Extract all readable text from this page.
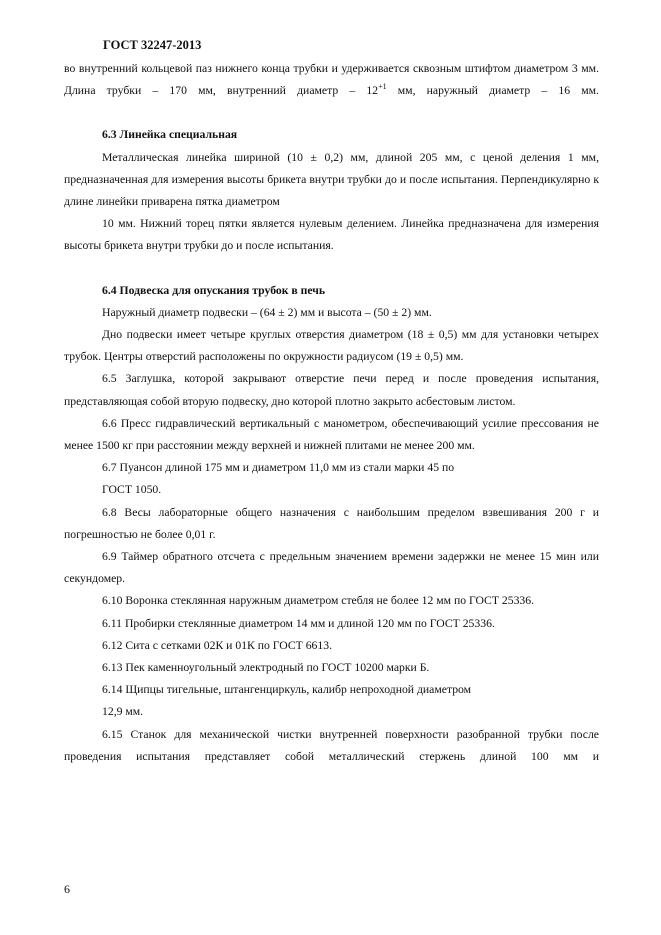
ГОСТ 32247-2013

во внутренний кольцевой паз нижнего конца трубки и удерживается сквозным штифтом диаметром 3 мм. Длина трубки – 170 мм, внутренний диаметр – $12^{+1}$ мм, наружный диаметр – 16 мм.

6.3 Линейка специальная

Металлическая линейка шириной (10 ± 0,2) мм, длиной 205 мм, с ценой деления 1 мм, предназначенная для измерения высоты брикета внутри трубки до и после испытания. Перпендикулярно к длине линейки приварена пятка диаметром

10 мм. Нижний торец пятки является нулевым делением. Линейка предназначена для измерения высоты брикета внутри трубки до и после испытания.

6.4 Подвеска для опускания трубок в печь

Наружный диаметр подвески – (64 ± 2) мм и высота – (50 ± 2) мм.

Дно подвески имеет четыре круглых отверстия диаметром (18 ± 0,5) мм для установки четырех трубок. Центры отверстий расположены по окружности радиусом (19 ± 0,5) мм.

6.5 Заглушка, которой закрывают отверстие печи перед и после проведения испытания, представляющая собой вторую подвеску, дно которой плотно закрыто асбестовым листом.

6.6 Пресс гидравлический вертикальный с манометром, обеспечивающий усилие прессования не менее 1500 кг при расстоянии между верхней и нижней плитами не менее 200 мм.

6.7 Пуансон длиной 175 мм и диаметром 11,0 мм из стали марки 45 по

ГОСТ 1050.

6.8 Весы лабораторные общего назначения с наибольшим пределом взвешивания 200 г и погрешностью не более 0,01 г.

6.9 Таймер обратного отсчета с предельным значением времени задержки не менее 15 мин или секундомер.

6.10 Воронка стеклянная наружным диаметром стебля не более 12 мм по ГОСТ 25336.

6.11 Пробирки стеклянные диаметром 14 мм и длиной 120 мм по ГОСТ 25336.

6.12 Сита с сетками 02К и 01К по ГОСТ 6613.

6.13 Пек каменноугольный электродный по ГОСТ 10200 марки Б.

6.14 Щипцы тигельные, штангенциркуль, калибр непроходной диаметром

12,9 мм.

6.15 Станок для механической чистки внутренней поверхности разобранной трубки после проведения испытания представляет собой металлический стержень длиной 100 мм и

6
